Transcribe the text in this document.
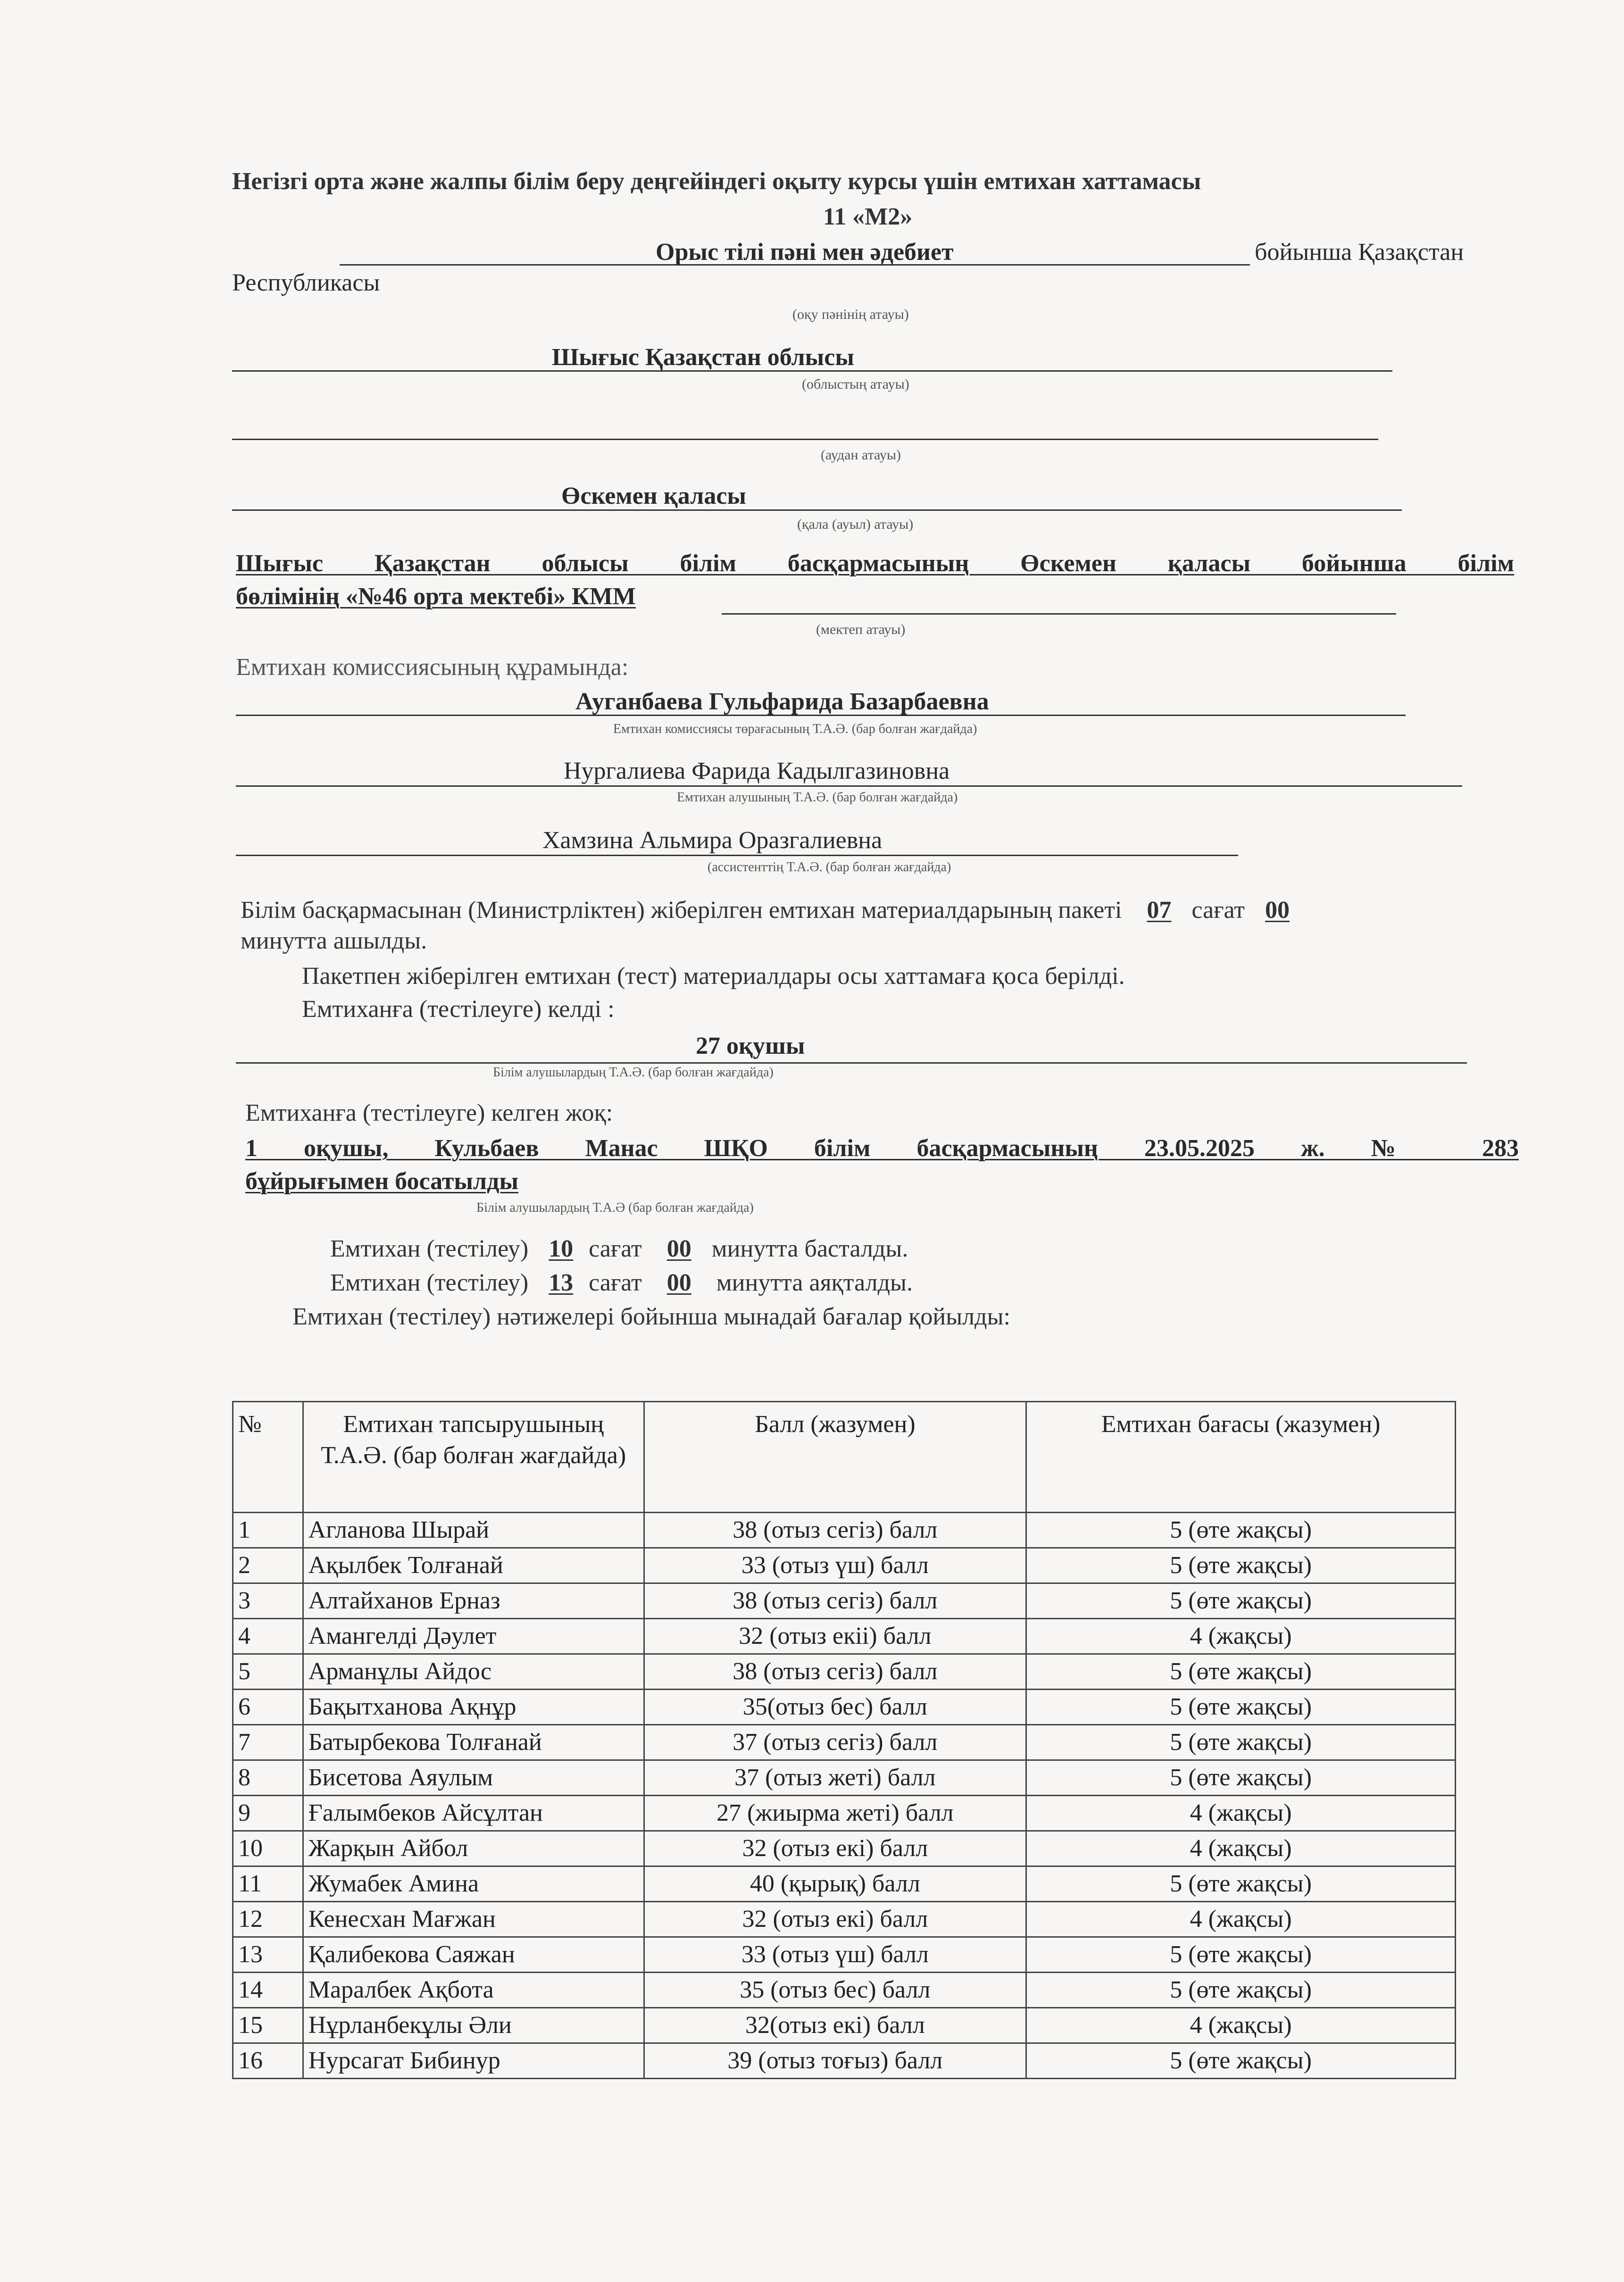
Негізгі орта және жалпы білім беру деңгейіндегі оқыту курсы үшін емтихан хаттамасы
11 «М2»
Орыс тілі пәні мен әдебиет	бойынша Қазақстан
Республикасы
(оқу пәнінің атауы)
Шығыс Қазақстан облысы
(облыстың атауы)
(аудан атауы)
Өскемен қаласы
(қала (ауыл) атауы)
Шығыс Қазақстан облысы білім басқармасының Өскемен қаласы бойынша білім
бөлімінің «№46 орта мектебі» КММ
(мектеп атауы)
Емтихан комиссиясының құрамында:
Ауганбаева Гульфарида Базарбаевна
Емтихан комиссиясы төрағасының Т.А.Ә. (бар болған жағдайда)
Нургалиева Фарида Кадылгазиновна
Емтихан алушының Т.А.Ә. (бар болған жағдайда)
Хамзина Альмира Оразгалиевна
(ассистенттің Т.А.Ә. (бар болған жағдайда)
Білім басқармасынан (Министрліктен) жіберілген емтихан материалдарының пакеті 07 сағат 00
минутта ашылды.
Пакетпен жіберілген емтихан (тест) материалдары осы хаттамаға қоса берілді.
Емтиханға (тестілеуге) келді :
27 оқушы
Білім алушылардың Т.А.Ә. (бар болған жағдайда)
Емтиханға (тестілеуге) келген жоқ:
1 оқушы, Кульбаев Манас ШҚО білім басқармасының 23.05.2025 ж. № 283
бұйрығымен босатылды
Білім алушылардың Т.А.Ә (бар болған жағдайда)
Емтихан (тестілеу) 10 сағат 00 минутта басталды.
Емтихан (тестілеу) 13 сағат 00 минутта аяқталды.
Емтихан (тестілеу) нәтижелері бойынша мынадай бағалар қойылды:
№	Емтихан тапсырушының Т.А.Ә. (бар болған жағдайда)	Балл (жазумен)	Емтихан бағасы (жазумен)
1	Агланова Шырай	38 (отыз сегіз) балл	5 (өте жақсы)
2	Ақылбек Толғанай	33 (отыз үш) балл	5 (өте жақсы)
3	Алтайханов Ерназ	38 (отыз сегіз) балл	5 (өте жақсы)
4	Амангелді Дәулет	32 (отыз екіі) балл	4 (жақсы)
5	Арманұлы Айдос	38 (отыз сегіз) балл	5 (өте жақсы)
6	Бақытханова Ақнұр	35(отыз бес) балл	5 (өте жақсы)
7	Батырбекова Толғанай	37 (отыз сегіз) балл	5 (өте жақсы)
8	Бисетова Аяулым	37 (отыз жеті) балл	5 (өте жақсы)
9	Ғалымбеков Айсұлтан	27 (жиырма жеті) балл	4 (жақсы)
10	Жарқын Айбол	32 (отыз екі) балл	4 (жақсы)
11	Жумабек Амина	40 (қырық) балл	5 (өте жақсы)
12	Кенесхан Мағжан	32 (отыз екі) балл	4 (жақсы)
13	Қалибекова Саяжан	33 (отыз үш) балл	5 (өте жақсы)
14	Маралбек Ақбота	35 (отыз бес) балл	5 (өте жақсы)
15	Нұрланбекұлы Әли	32(отыз екі) балл	4 (жақсы)
16	Нурсагат Бибинур	39 (отыз тоғыз) балл	5 (өте жақсы)
